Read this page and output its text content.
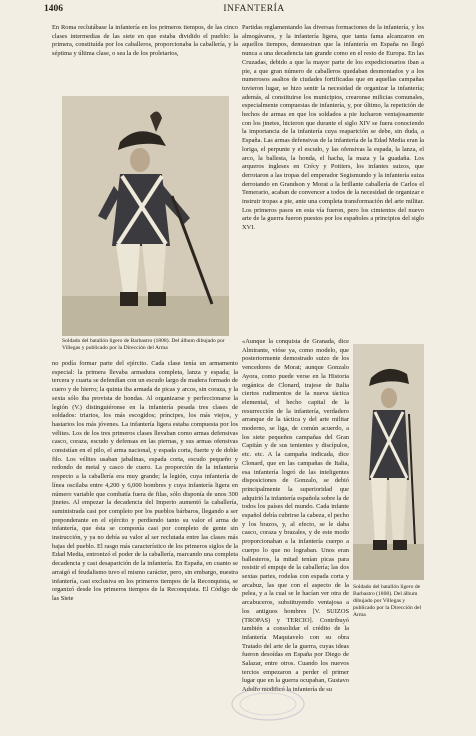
1406	INFANTERÍA

En Roma reclutábase la infantería en los primeros tiempos, de las cinco clases intermedias de las siete en que estaba dividido el pueblo: la primera, constituída por los caballeros, proporcionaba la caballería, y la séptima y última clase, o sea la de los proletarios,

Soldado del batallón ligero de Barbastro (1808). Del álbum dibujado por Villegas y publicado por la Dirección del Arma

no podía formar parte del ejército. Cada clase tenía un armamento especial: la primera llevaba armadura completa, lanza y espada; la tercera y cuarta se defendían con un escudo largo de madera formado de cuero y de hierro; la quinta iba armada de picas y arcos, sin coraza, y la sexta sólo iba provista de hondas. Al organizarse y perfeccionarse la legión (V.) distinguiéronse en la infantería pesada tres clases de soldados: triarios, los más escogidos; príncipes, los más viejos, y hastarios los más jóvenes. La infantería ligera estaba compuesta por los vélites. Los de los tres primeros clases llevaban como armas defensivas casco, coraza, escudo y defensas en las piernas, y sus armas ofensivas consistían en el pilo, el arma nacional, y espada corta, fuerte y de doble filo. Los vélites usaban jabalinas, espada corta, escudo pequeño y redondo de metal y casco de cuero. La proporción de la infantería respecto a la caballería era muy grande; la legión, cuya infantería de línea oscilaba entre 4,200 y 6,000 hombres y cuya infantería ligera en número variable que combatía fuera de filas, sólo disponía de unos 300 jinetes. Al empezar la decadencia del Imperio aumentó la caballería, suministrada casi por completo por los pueblos bárbaros, llegando a ser preponderante en el ejército y perdiendo tanto su valor el arma de infantería, que ésta se componía casi por completo de gente sin instrucción, y ya no debía su valor al ser reclutada entre las clases más bajas del pueblo. El rasgo más característico de los primeros siglos de la Edad Media, entronizó el poder de la caballería, marcando una completa decadencia y casi desaparición de la infantería. En España, en cuanto se arraigó el feudalismo tuvo el mismo carácter, pero, sin embargo, nuestra infantería, casi exclusiva en los primeros tiempos de la Reconquista, se organizó desde los primeros tiempos de la Reconquista. El Código de las Siete

Partidas reglamentando las diversas formaciones de la infantería, y los almogávares, y la infantería ligera, que tanta fama alcanzaron en aquellos tiempos, demuestran que la infantería en España no llegó nunca a una decadencia tan grande como en el resto de Europa. En las Cruzadas, debido a que la mayor parte de los expedicionarios iban a pie, a que gran número de caballeros quedaban desmontados y a los numerosos asaltos de ciudades fortificadas que en aquellas campañas tuvieron lugar, se hizo sentir la necesidad de organizar la infantería; además, al constituirse los municipios, crearonse milicias comunales, especialmente compuestas de infantería, y, por último, la repetición de hechos de armas en que los soldados a pie lucharon ventajosamente con los jinetes, hicieron que durante el siglo XIV se fuera conociendo la importancia de la infantería cuya reaparición se debe, sin duda, a España. Las armas defensivas de la infantería de la Edad Media eran la loriga, el perpunte y el escudo, y las ofensivas la espada, la lanza, el arco, la ballesta, la honda, el hacha, la maza y la guadaña. Los arqueros ingleses en Crécy y Poitiers, los infantes suizos, que derrotaron a las tropas del emperador Segismundo y la infantería suiza derrotando en Grandson y Morat a la brillante caballería de Carlos el Temerario, acaban de convencer a todos de la necesidad de organizar e instruir tropas a pie, ante una completa transformación del arte militar. Los primeros pasos en esta vía fueron, pero los cimientos del nuevo arte de la guerra fueron puestos por los españoles a principios del siglo XVI.

«Aunque la conquista de Granada, dice Almirante, vióse ya, como modelo, que posteriormente demostrado suizo de los vencedores de Morat; aunque Gonzalo Ayora, como puede verse en la Historia orgánica de Clonard, trajese de Italia ciertos rudimentos de la nueva táctica elemental, el hecho capital de la resurrección de la infantería, verdadero arranque de la táctica y del arte militar moderno, se liga, de común acuerdo, a los siete pequeños campañas del Gran Capitán y de sus tenientes y discípulos, etc. etc. A la campaña indicada, dice Clonard, que en las campañas de Italia, esa infantería logró de las inteligentes disposiciones de Gonzalo, se debió principalmente la superioridad que adquirió la infantería española sobre la de todos los países del mundo. Cada infante español debía cubrirse la cabeza, el pecho y los brazos, y, al efecto, se le daba casco, coraza y brazales, y de este modo proporcionaban a la infantería cuerpo a cuerpo lo que no lograban. Unos eran ballesteros, la mitad tenían picas para resistir el empuje de la caballería; las dos sextas partes, rodelas con espada corta y arcabuz, las que con el aspecto de la pelea, y a la cual se le hacían ver otra de arcabuceros, substituyendo ventajosa a los antiguos hombres [V. SUIZOS (TROPAS) y TERCIO]. Contribuyó también a consolidar el crédito de la infantería Maquiavelo con su obra Tratado del arte de la guerra, cuyas ideas fueron desoídas en España por Diego de Salazar, entre otros. Cuando los nuevos tercios empezaron a perder el primer lugar que en la guerra ocupaban, Gustavo Adolfo modificó la infantería de su

Soldado del batallón ligero de Barbastro (1808). Del álbum dibujado por Villegas y publicado por la Dirección del Arma
